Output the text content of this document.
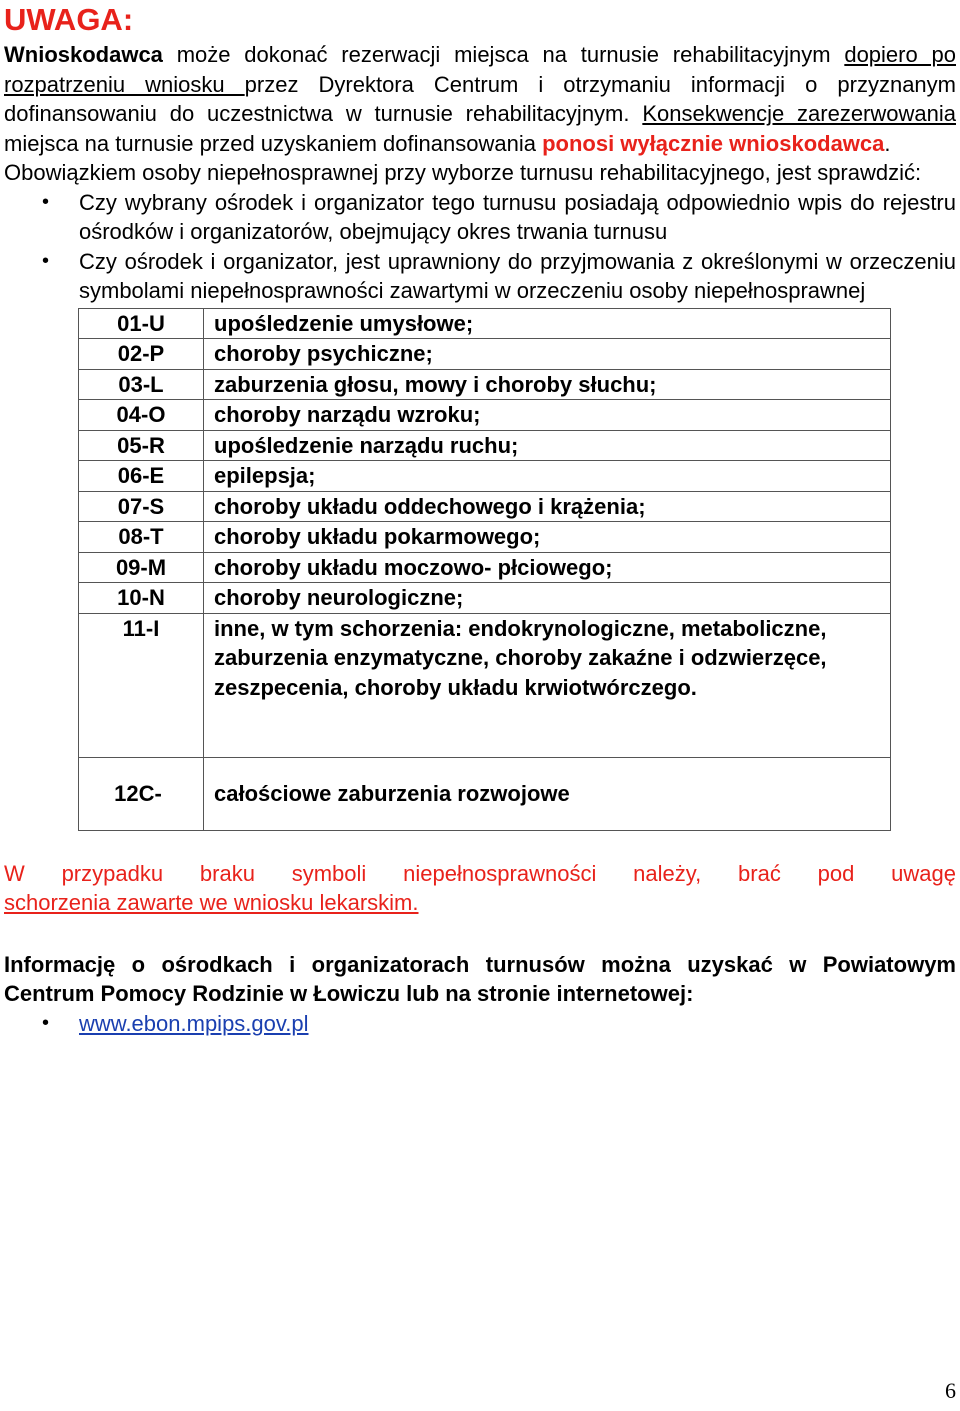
UWAGA:

Wnioskodawca może dokonać rezerwacji miejsca na turnusie rehabilitacyjnym dopiero po rozpatrzeniu wniosku przez Dyrektora Centrum i otrzymaniu informacji o przyznanym dofinansowaniu do uczestnictwa w turnusie rehabilitacyjnym. Konsekwencje zarezerwowania miejsca na turnusie przed uzyskaniem dofinansowania ponosi wyłącznie wnioskodawca.

Obowiązkiem osoby niepełnosprawnej przy wyborze turnusu rehabilitacyjnego, jest sprawdzić:

• Czy wybrany ośrodek i organizator tego turnusu posiadają odpowiednio wpis do rejestru ośrodków i organizatorów, obejmujący okres trwania turnusu
• Czy ośrodek i organizator, jest uprawniony do przyjmowania z określonymi w orzeczeniu symbolami niepełnosprawności zawartymi w orzeczeniu osoby niepełnosprawnej
01-U	upośledzenie umysłowe;
02-P	choroby psychiczne;
03-L	zaburzenia głosu, mowy i choroby słuchu;
04-O	choroby narządu wzroku;
05-R	upośledzenie narządu ruchu;
06-E	epilepsja;
07-S	choroby układu oddechowego i krążenia;
08-T	choroby układu pokarmowego;
09-M	choroby układu moczowo- płciowego;
10-N	choroby neurologiczne;
11-I	inne, w tym schorzenia: endokrynologiczne, metaboliczne, zaburzenia enzymatyczne, choroby zakaźne i odzwierzęce, zeszpecenia, choroby układu krwiotwórczego.
12C-	całościowe zaburzenia rozwojowe

W przypadku braku symboli niepełnosprawności należy, brać pod uwagę

schorzenia zawarte we wniosku lekarskim.

Informację o ośrodkach i organizatorach turnusów można uzyskać w Powiatowym Centrum Pomocy Rodzinie w Łowiczu lub na stronie internetowej:

• www.ebon.mpips.gov.pl
6
